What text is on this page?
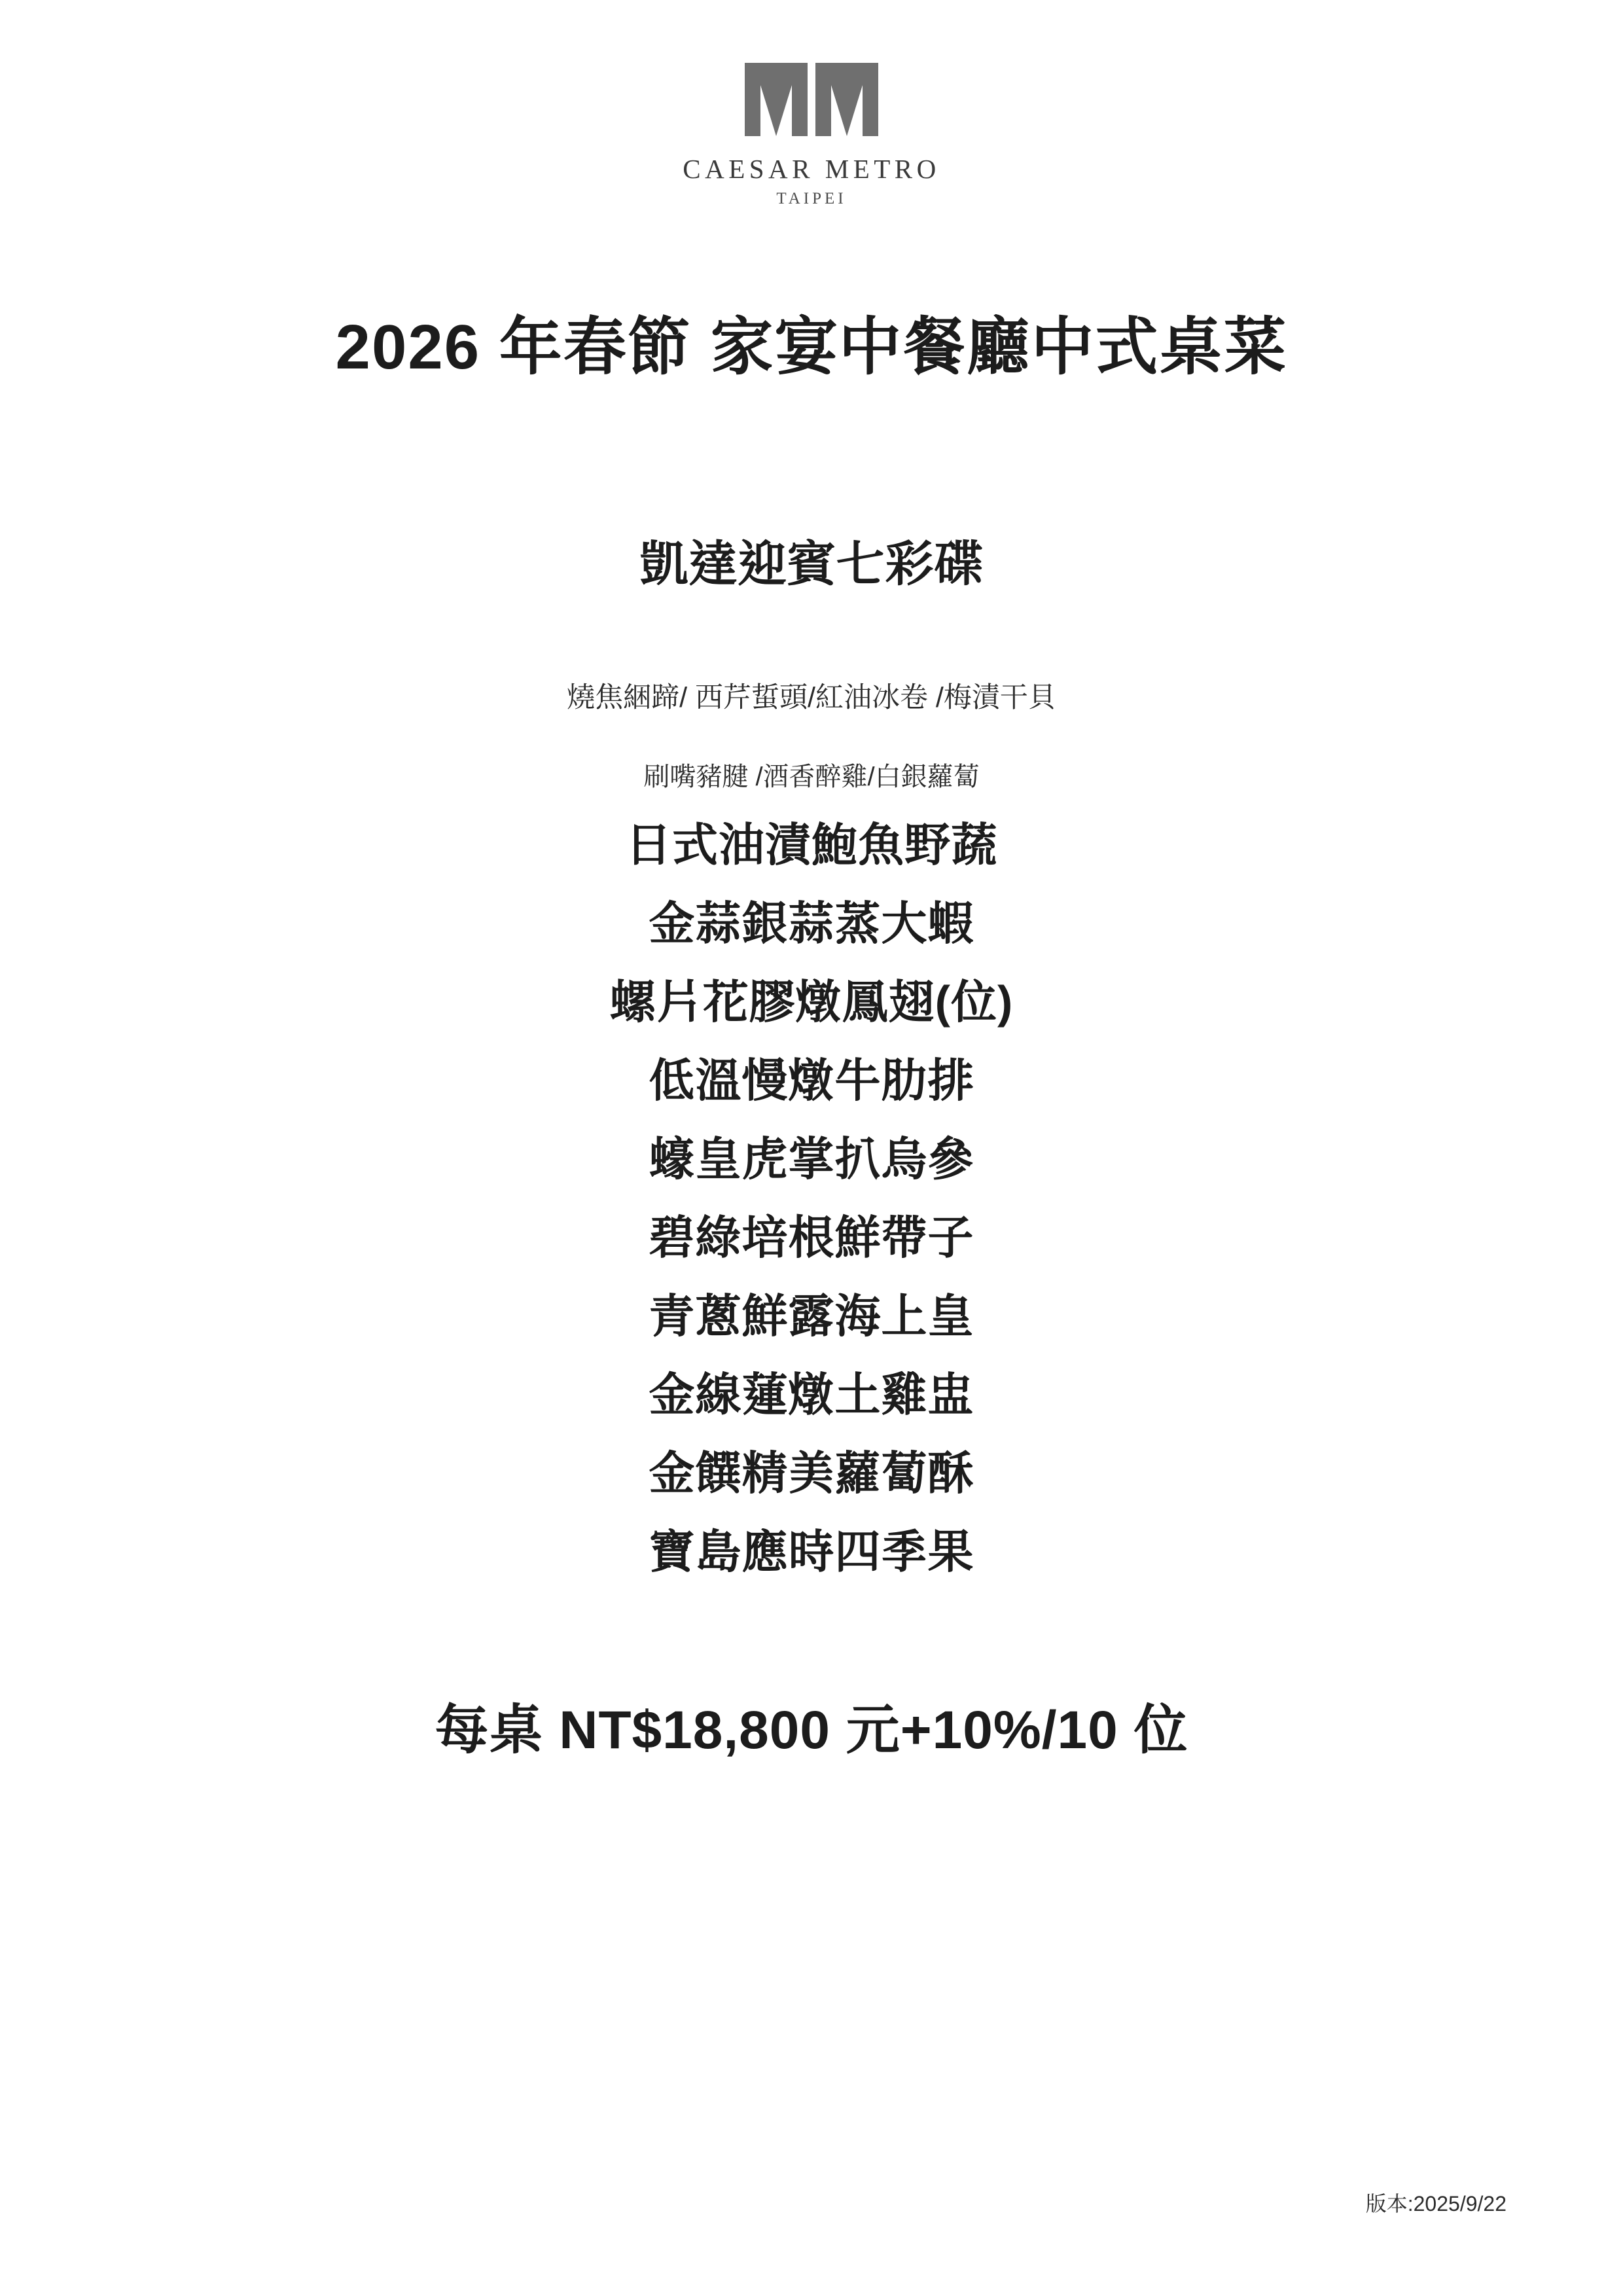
CAESAR METRO
TAIPEI
2026 年春節 家宴中餐廳中式桌菜
凱達迎賓七彩碟
燒焦綑蹄/ 西芹蜇頭/紅油冰卷 /梅漬干貝
刷嘴豬腱 /酒香醉雞/白銀蘿蔔
日式油漬鮑魚野蔬
金蒜銀蒜蒸大蝦
螺片花膠燉鳳翅(位)
低溫慢燉牛肋排
蠔皇虎掌扒烏參
碧綠培根鮮帶子
青蔥鮮露海上皇
金線蓮燉土雞盅
金饌精美蘿蔔酥
寶島應時四季果
每桌 NT$18,800 元+10%/10 位
版本:2025/9/22
